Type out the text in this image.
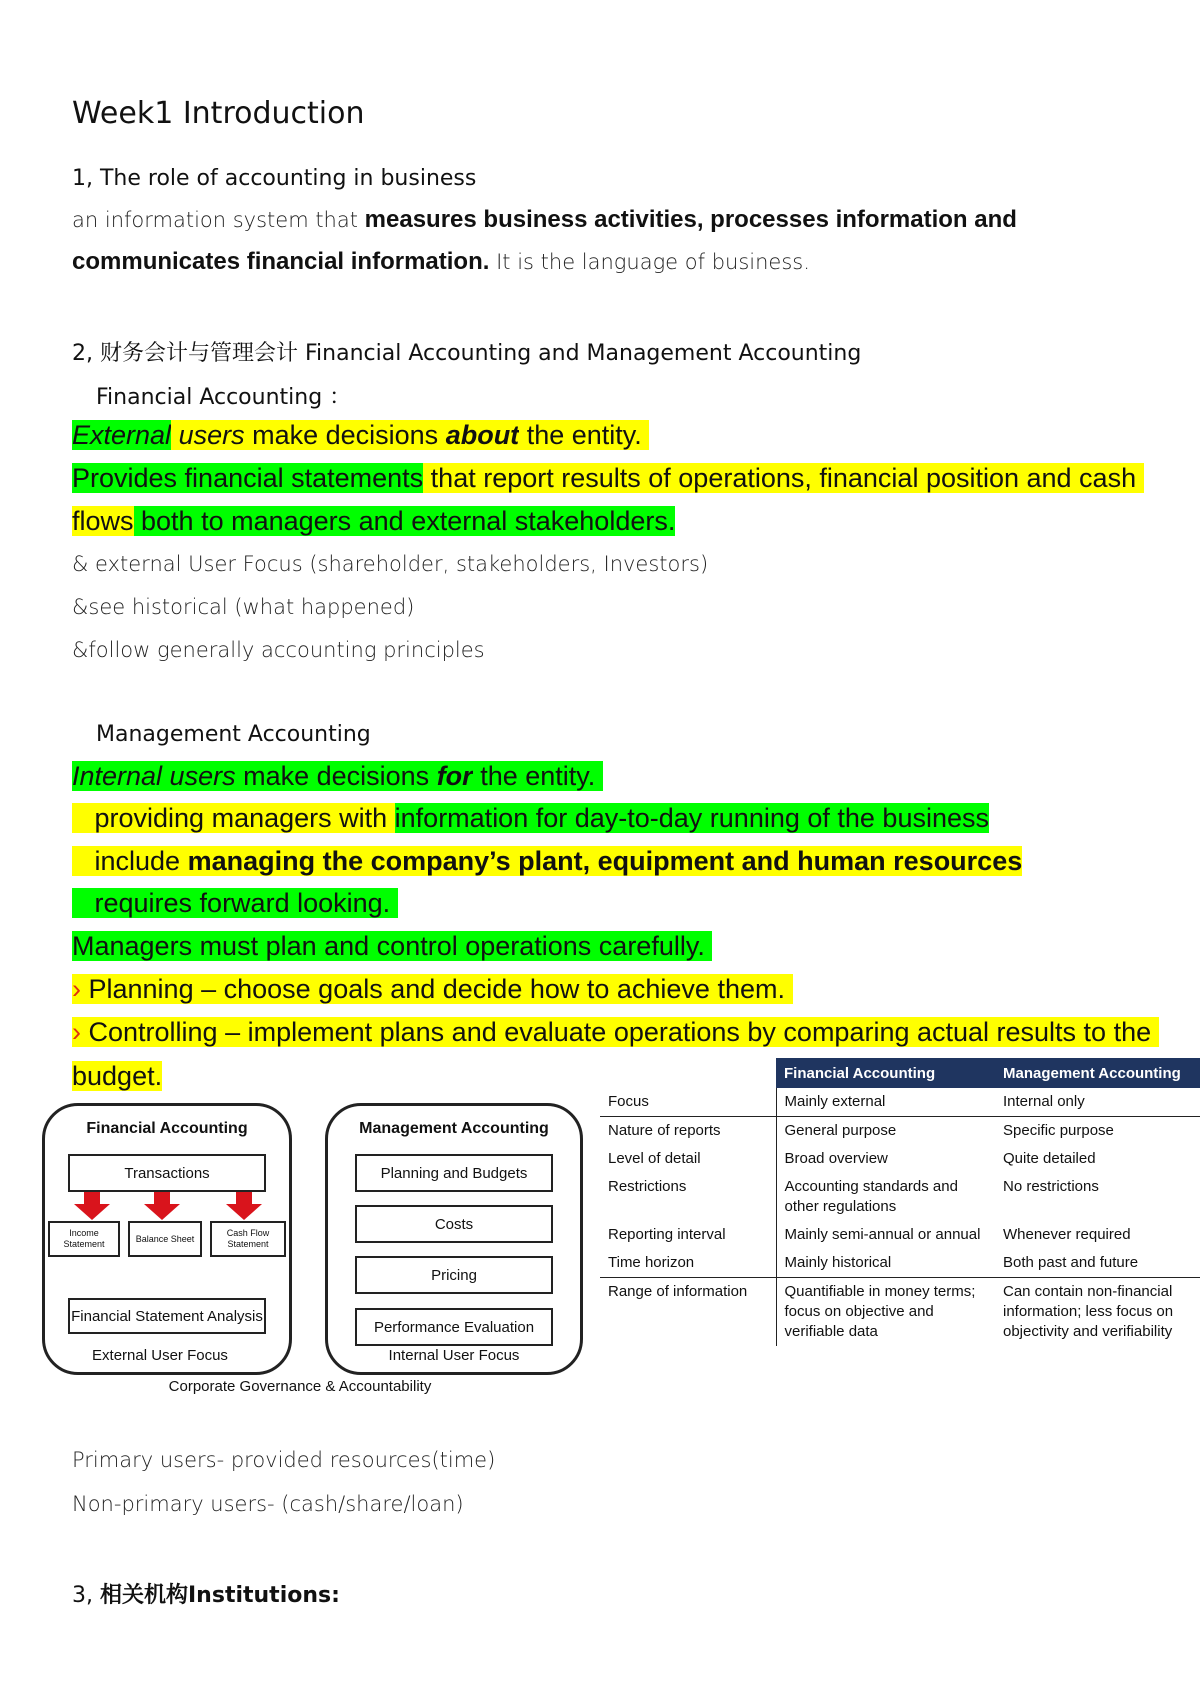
Week1 Introduction
1, The role of accounting in business
an information system that measures business activities, processes information and
communicates financial information. It is the language of business.
2, 财务会计与管理会计 Financial Accounting and Management Accounting
Financial Accounting ：
External users make decisions about the entity.
Provides financial statements that report results of operations, financial position and cash
flows both to managers and external stakeholders.
& external User Focus (shareholder, stakeholders, Investors)
&see historical (what happened)
&follow generally accounting principles
Management Accounting
Internal users make decisions for the entity.
providing managers with information for day-to-day running of the business
include managing the company’s plant, equipment and human resources
requires forward looking.
Managers must plan and control operations carefully.
› Planning – choose goals and decide how to achieve them.
› Controlling – implement plans and evaluate operations by comparing actual results to the
budget.
Financial Accounting
Transactions
Income Statement
Balance Sheet
Cash Flow Statement
Financial Statement Analysis
External User Focus
Management Accounting
Planning and Budgets
Costs
Pricing
Performance Evaluation
Internal User Focus
Corporate Governance & Accountability
	Financial Accounting	Management Accounting
Focus	Mainly external	Internal only
Nature of reports	General purpose	Specific purpose
Level of detail	Broad overview	Quite detailed
Restrictions	Accounting standards and other regulations	No restrictions
Reporting interval	Mainly semi-annual or annual	Whenever required
Time horizon	Mainly historical	Both past and future
Range of information	Quantifiable in money terms; focus on objective and verifiable data	Can contain non-financial information; less focus on objectivity and verifiability
Primary users- provided resources(time)
Non-primary users- (cash/share/loan)
3, 相关机构Institutions:
